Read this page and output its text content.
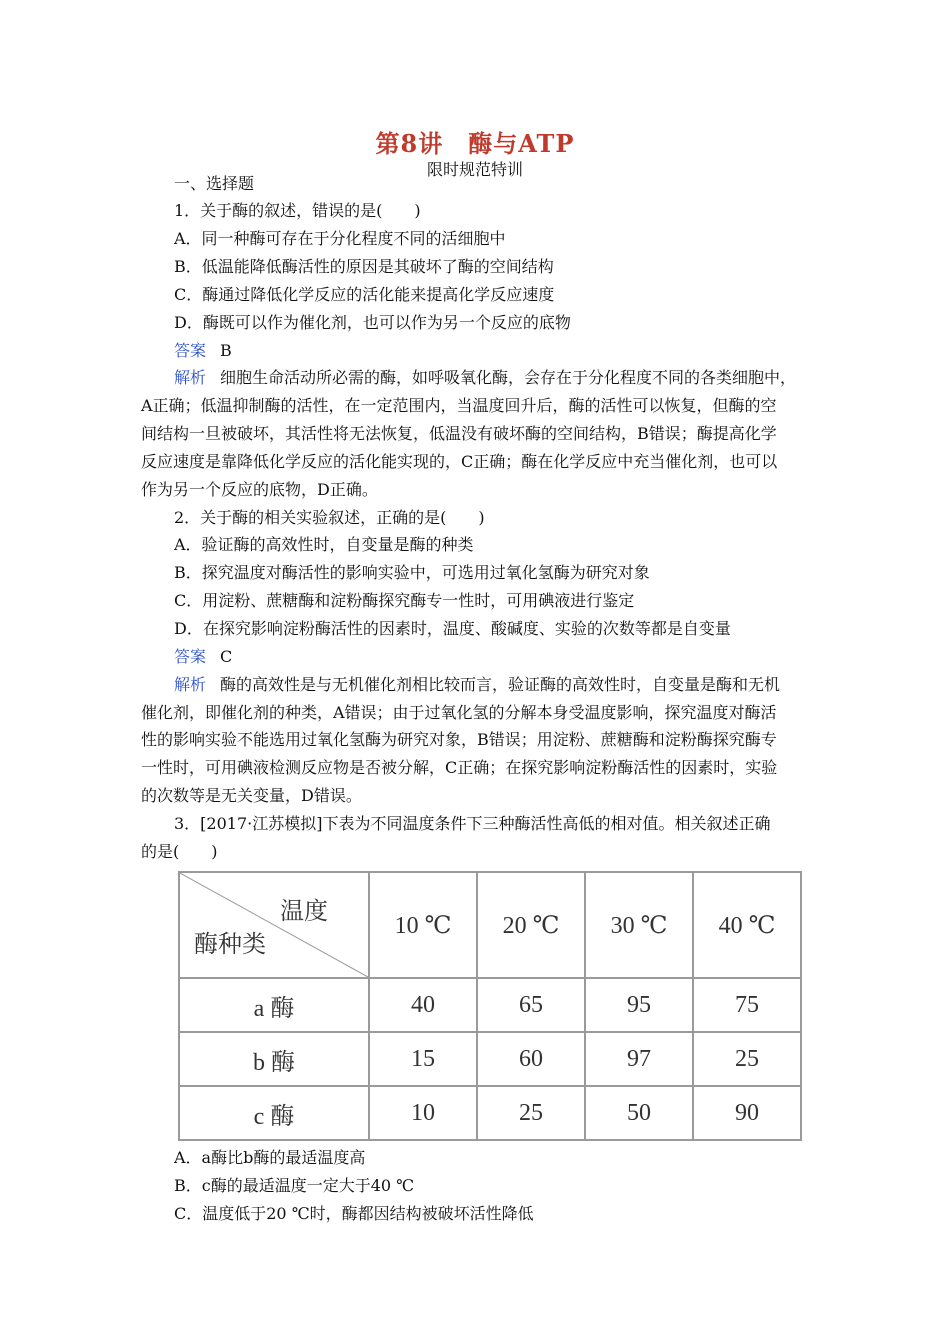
第8讲　酶与ATP
限时规范特训
一、选择题
1．关于酶的叙述，错误的是(　　)
A．同一种酶可存在于分化程度不同的活细胞中
B．低温能降低酶活性的原因是其破坏了酶的空间结构
C．酶通过降低化学反应的活化能来提高化学反应速度
D．酶既可以作为催化剂，也可以作为另一个反应的底物
答案 B
解析 细胞生命活动所必需的酶，如呼吸氧化酶，会存在于分化程度不同的各类细胞中，
A正确；低温抑制酶的活性，在一定范围内，当温度回升后，酶的活性可以恢复，但酶的空
间结构一旦被破坏，其活性将无法恢复，低温没有破坏酶的空间结构，B错误；酶提高化学
反应速度是靠降低化学反应的活化能实现的，C正确；酶在化学反应中充当催化剂，也可以
作为另一个反应的底物，D正确。
2．关于酶的相关实验叙述，正确的是(　　)
A．验证酶的高效性时，自变量是酶的种类
B．探究温度对酶活性的影响实验中，可选用过氧化氢酶为研究对象
C．用淀粉、蔗糖酶和淀粉酶探究酶专一性时，可用碘液进行鉴定
D．在探究影响淀粉酶活性的因素时，温度、酸碱度、实验的次数等都是自变量
答案 C
解析 酶的高效性是与无机催化剂相比较而言，验证酶的高效性时，自变量是酶和无机
催化剂，即催化剂的种类，A错误；由于过氧化氢的分解本身受温度影响，探究温度对酶活
性的影响实验不能选用过氧化氢酶为研究对象，B错误；用淀粉、蔗糖酶和淀粉酶探究酶专
一性时，可用碘液检测反应物是否被分解，C正确；在探究影响淀粉酶活性的因素时，实验
的次数等是无关变量，D错误。
3．[2017·江苏模拟]下表为不同温度条件下三种酶活性高低的相对值。相关叙述正确
的是(　　)
温度
酶种类	10 ℃	20 ℃	30 ℃	40 ℃
a 酶	40	65	95	75
b 酶	15	60	97	25
c 酶	10	25	50	90
A．a酶比b酶的最适温度高
B．c酶的最适温度一定大于40 ℃
C．温度低于20 ℃时，酶都因结构被破坏活性降低
